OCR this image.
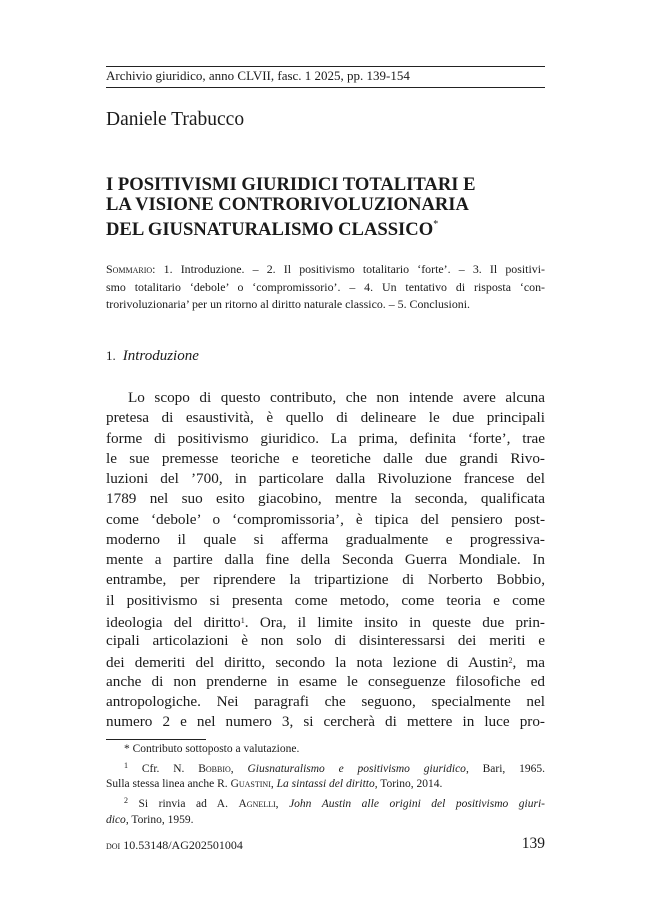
Archivio giuridico, anno CLVII, fasc. 1 2025, pp. 139-154
Daniele Trabucco
I POSITIVISMI GIURIDICI TOTALITARI E
LA VISIONE CONTRORIVOLUZIONARIA
DEL GIUSNATURALISMO CLASSICO*
Sommario: 1. Introduzione. – 2. Il positivismo totalitario ‘forte’. – 3. Il positivi-
smo totalitario ‘debole’ o ‘compromissorio’. – 4. Un tentativo di risposta ‘con-
trorivoluzionaria’ per un ritorno al diritto naturale classico. – 5. Conclusioni.
1. Introduzione
Lo scopo di questo contributo, che non intende avere alcuna
pretesa di esaustività, è quello di delineare le due principali
forme di positivismo giuridico. La prima, definita ‘forte’, trae
le sue premesse teoriche e teoretiche dalle due grandi Rivo-
luzioni del ’700, in particolare dalla Rivoluzione francese del
1789 nel suo esito giacobino, mentre la seconda, qualificata
come ‘debole’ o ‘compromissoria’, è tipica del pensiero post-
moderno il quale si afferma gradualmente e progressiva-
mente a partire dalla fine della Seconda Guerra Mondiale. In
entrambe, per riprendere la tripartizione di Norberto Bobbio,
il positivismo si presenta come metodo, come teoria e come
ideologia del diritto$^1$. Ora, il limite insito in queste due prin-
cipali articolazioni è non solo di disinteressarsi dei meriti e
dei demeriti del diritto, secondo la nota lezione di Austin$^2$, ma
anche di non prenderne in esame le conseguenze filosofiche ed
antropologiche. Nei paragrafi che seguono, specialmente nel
numero 2 e nel numero 3, si cercherà di mettere in luce pro-
* Contributo sottoposto a valutazione.
$^1$ Cfr. N. Bobbio, Giusnaturalismo e positivismo giuridico, Bari, 1965.
Sulla stessa linea anche R. Guastini, La sintassi del diritto, Torino, 2014.
$^2$ Si rinvia ad A. Agnelli, John Austin alle origini del positivismo giuri-
dico, Torino, 1959.
doi 10.53148/AG202501004	139
